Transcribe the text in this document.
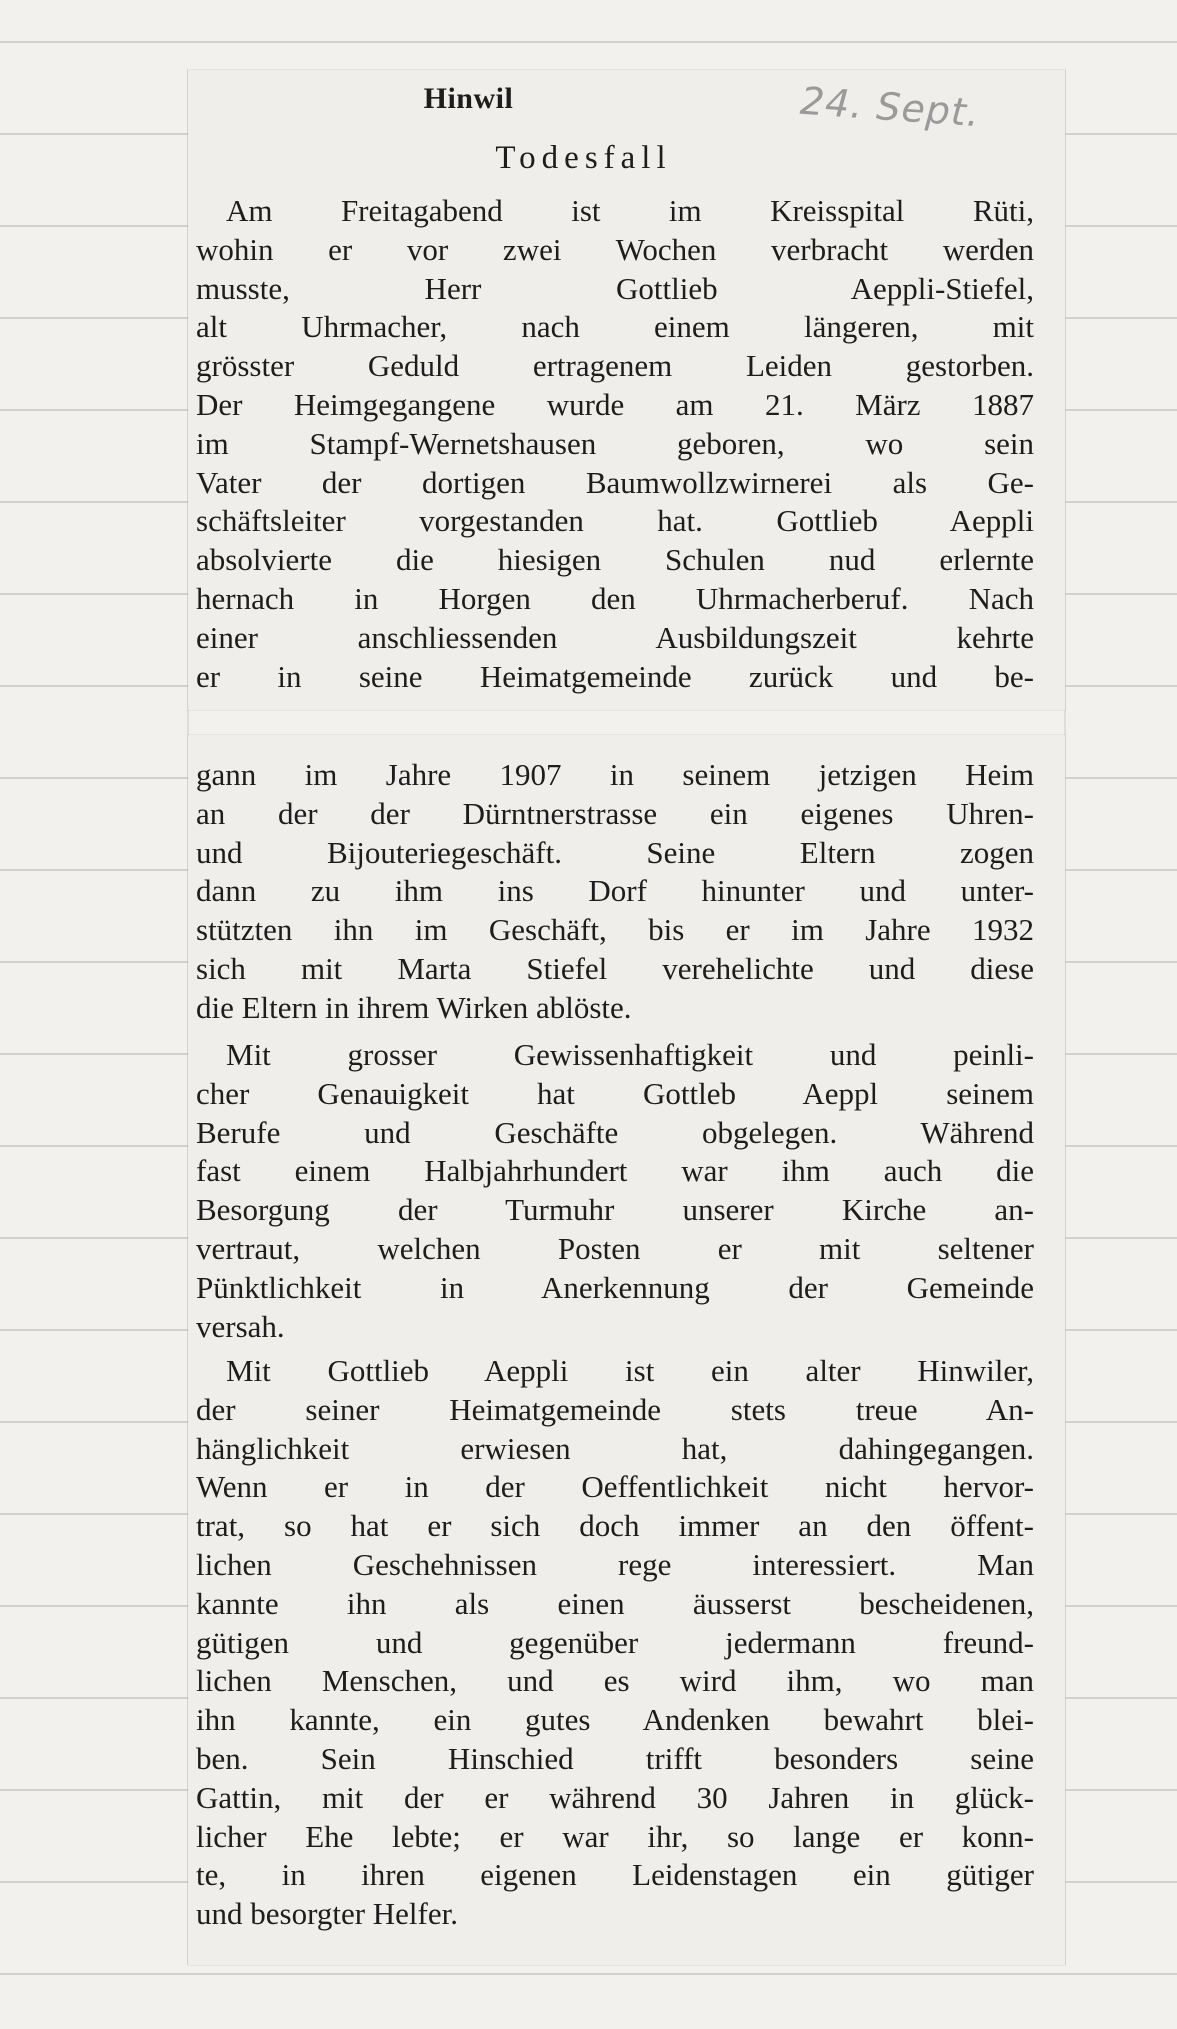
Hinwil
Todesfall
24. Sept.
Am Freitagabend ist im Kreisspital Rüti,
wohin er vor zwei Wochen verbracht werden
musste, Herr Gottlieb Aeppli-Stiefel,
alt Uhrmacher, nach einem längeren, mit
grösster Geduld ertragenem Leiden gestorben.
Der Heimgegangene wurde am 21. März 1887
im Stampf-Wernetshausen geboren, wo sein
Vater der dortigen Baumwollzwirnerei als Ge-
schäftsleiter vorgestanden hat. Gottlieb Aeppli
absolvierte die hiesigen Schulen nud erlernte
hernach in Horgen den Uhrmacherberuf. Nach
einer anschliessenden Ausbildungszeit kehrte
er in seine Heimatgemeinde zurück und be-
gann im Jahre 1907 in seinem jetzigen Heim
an der der Dürntnerstrasse ein eigenes Uhren-
und Bijouteriegeschäft. Seine Eltern zogen
dann zu ihm ins Dorf hinunter und unter-
stützten ihn im Geschäft, bis er im Jahre 1932
sich mit Marta Stiefel verehelichte und diese
die Eltern in ihrem Wirken ablöste.
Mit grosser Gewissenhaftigkeit und peinli-
cher Genauigkeit hat Gottleb Aeppl seinem
Berufe und Geschäfte obgelegen. Während
fast einem Halbjahrhundert war ihm auch die
Besorgung der Turmuhr unserer Kirche an-
vertraut, welchen Posten er mit seltener
Pünktlichkeit in Anerkennung der Gemeinde
versah.
Mit Gottlieb Aeppli ist ein alter Hinwiler,
der seiner Heimatgemeinde stets treue An-
hänglichkeit erwiesen hat, dahingegangen.
Wenn er in der Oeffentlichkeit nicht hervor-
trat, so hat er sich doch immer an den öffent-
lichen Geschehnissen rege interessiert. Man
kannte ihn als einen äusserst bescheidenen,
gütigen und gegenüber jedermann freund-
lichen Menschen, und es wird ihm, wo man
ihn kannte, ein gutes Andenken bewahrt blei-
ben. Sein Hinschied trifft besonders seine
Gattin, mit der er während 30 Jahren in glück-
licher Ehe lebte; er war ihr, so lange er konn-
te, in ihren eigenen Leidenstagen ein gütiger
und besorgter Helfer.
